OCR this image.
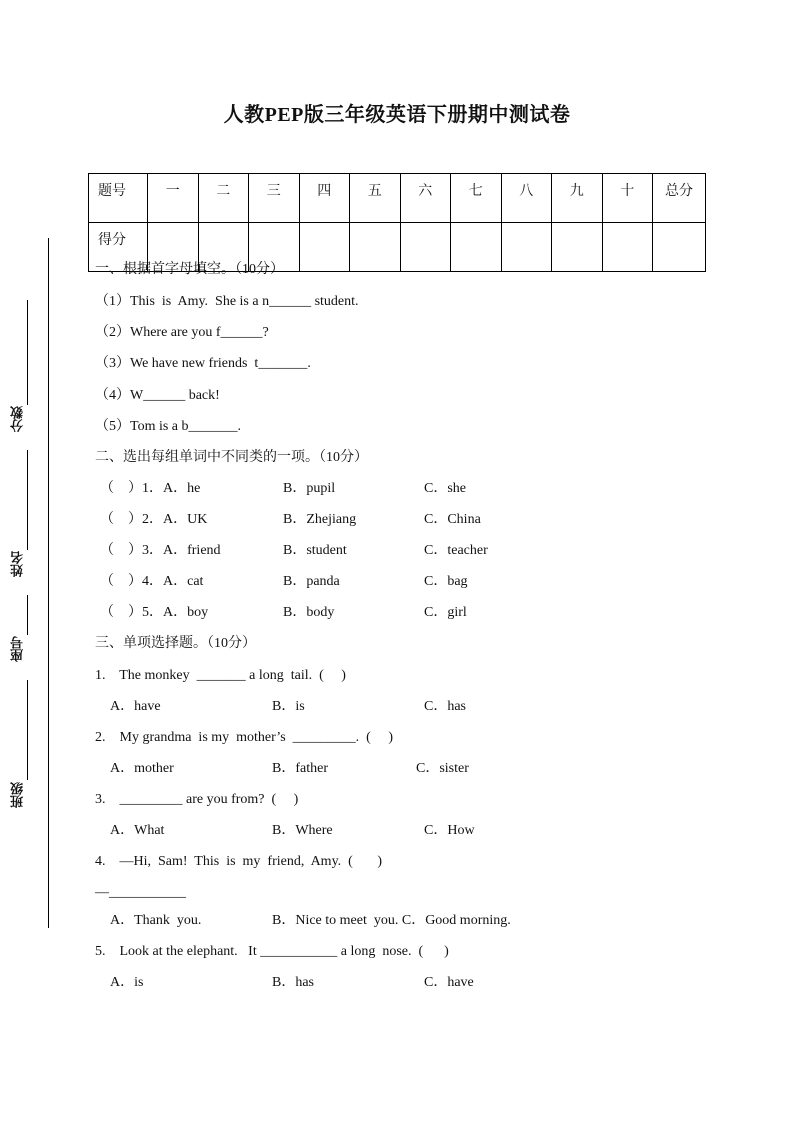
人教PEP版三年级英语下册期中测试卷
题号	一	二	三	四	五	六	七	八	九	十	总分
得分											
分数
姓名
座号
班级
一、根据首字母填空。（10分）
（1）This  is  Amy.  She is a n______ student.
（2）Where are you f______?
（3）We have new friends  t_______.
（4）W______ back!
（5）Tom is a b_______.
二、选出每组单词中不同类的一项。（10分）
（    ）1．A．he	B．pupil	C．she
（    ）2．A．UK	B．Zhejiang	C．China
（    ）3．A．friend	B．student	C．teacher
（    ）4．A．cat	B．panda	C．bag
（    ）5．A．boy	B．body	C．girl
三、单项选择题。（10分）
1.    The monkey  _______ a long  tail.  (     )
A．have	B．is	C．has
2.    My grandma  is my  mother’s  _________.  (     )
A．mother	B．father	C．sister
3.    _________ are you from?  (     )
A．What	B．Where	C．How
4.    —Hi,  Sam!  This  is  my  friend,  Amy.  (       )
—___________
A．Thank  you.	B．Nice to meet  you. C．Good morning.
5.    Look at the elephant.   It ___________ a long  nose.  (      )
A．is	B．has	C．have
